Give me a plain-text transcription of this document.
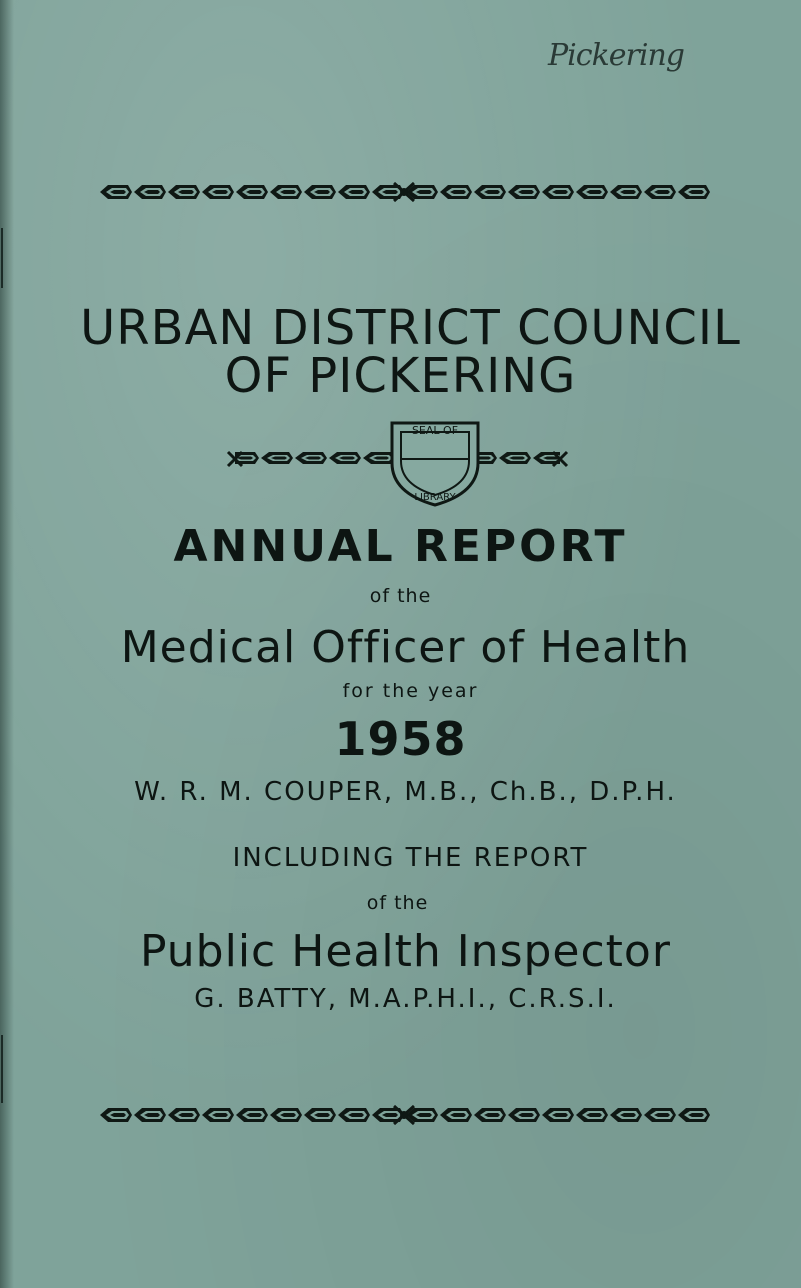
Pickering
URBAN DISTRICT COUNCIL
OF PICKERING
SEAL OF
LIBRARY
ANNUAL REPORT
of the
Medical Officer of Health
for the year
1958
W. R. M. COUPER, M.B., Ch.B., D.P.H.
INCLUDING THE REPORT
of the
Public Health Inspector
G. BATTY, M.A.P.H.I., C.R.S.I.
